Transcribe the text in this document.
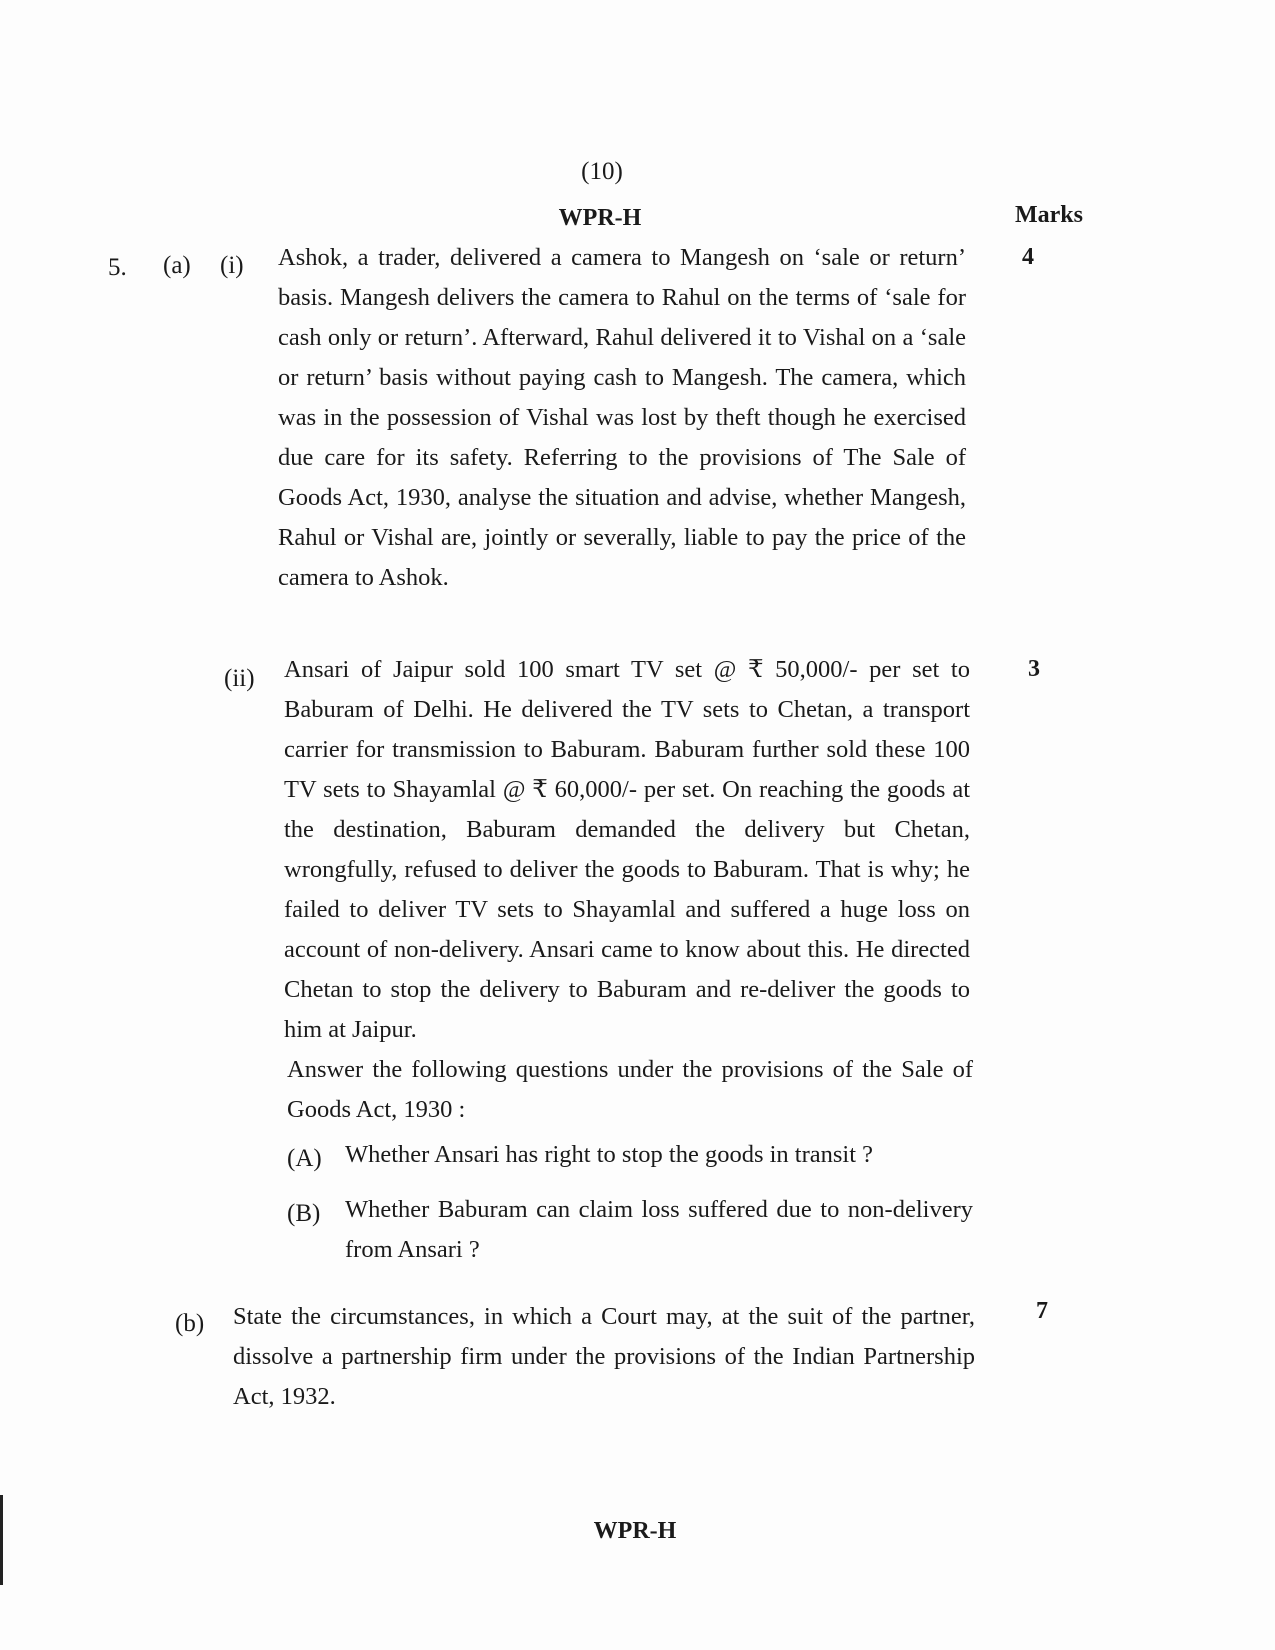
(10)
WPR-H	Marks
5. (a) (i) Ashok, a trader, delivered a camera to Mangesh on ‘sale or return’ basis. Mangesh delivers the camera to Rahul on the terms of ‘sale for cash only or return’. Afterward, Rahul delivered it to Vishal on a ‘sale or return’ basis without paying cash to Mangesh. The camera, which was in the possession of Vishal was lost by theft though he exercised due care for its safety. Referring to the provisions of The Sale of Goods Act, 1930, analyse the situation and advise, whether Mangesh, Rahul or Vishal are, jointly or severally, liable to pay the price of the camera to Ashok.

4
(ii) Ansari of Jaipur sold 100 smart TV set @ ₹ 50,000/- per set to Baburam of Delhi. He delivered the TV sets to Chetan, a transport carrier for transmission to Baburam. Baburam further sold these 100 TV sets to Shayamlal @ ₹ 60,000/- per set. On reaching the goods at the destination, Baburam demanded the delivery but Chetan, wrongfully, refused to deliver the goods to Baburam. That is why; he failed to deliver TV sets to Shayamlal and suffered a huge loss on account of non-delivery. Ansari came to know about this. He directed Chetan to stop the delivery to Baburam and re-deliver the goods to him at Jaipur.

3

Answer the following questions under the provisions of the Sale of Goods Act, 1930 :

(A) Whether Ansari has right to stop the goods in transit ?

(B) Whether Baburam can claim loss suffered due to non-delivery from Ansari ?

(b) State the circumstances, in which a Court may, at the suit of the partner, dissolve a partnership firm under the provisions of the Indian Partnership Act, 1932.

7
WPR-H
